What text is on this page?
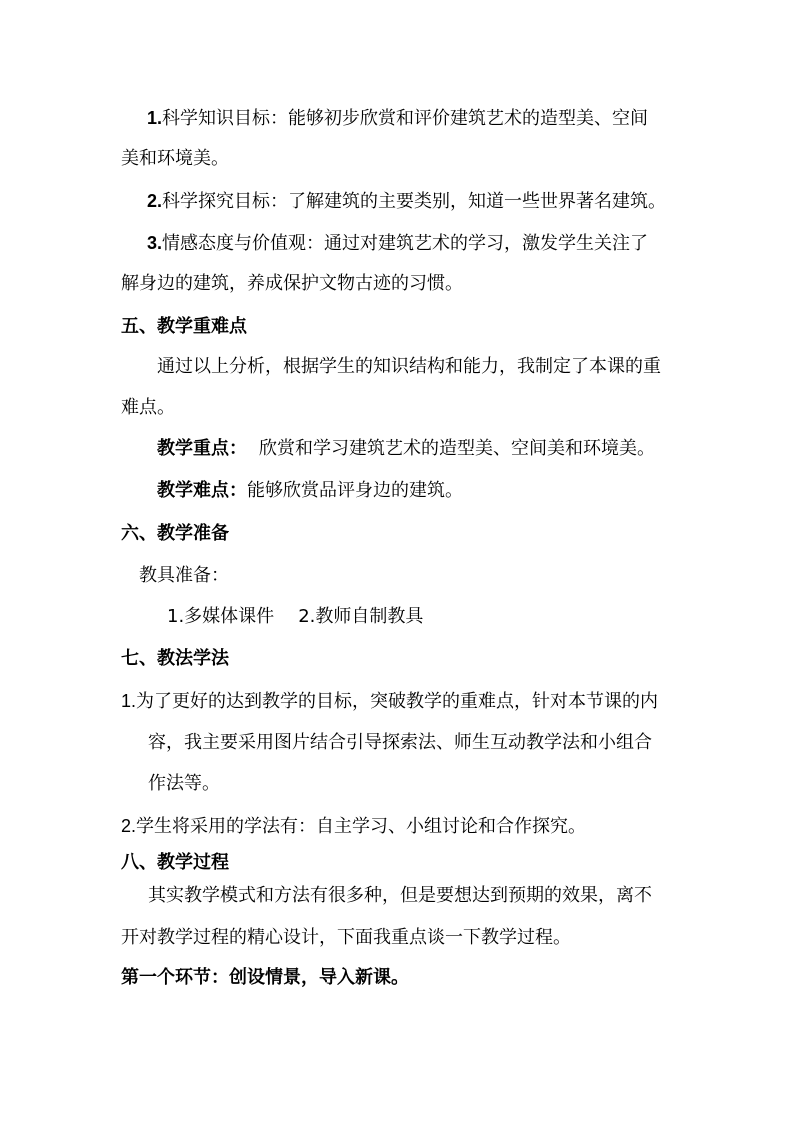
1.科学知识目标：能够初步欣赏和评价建筑艺术的造型美、空间
美和环境美。
2.科学探究目标：了解建筑的主要类别，知道一些世界著名建筑。
3.情感态度与价值观：通过对建筑艺术的学习，激发学生关注了
解身边的建筑，养成保护文物古迹的习惯。
五、教学重难点
通过以上分析，根据学生的知识结构和能力，我制定了本课的重
难点。
教学重点： 欣赏和学习建筑艺术的造型美、空间美和环境美。
教学难点：能够欣赏品评身边的建筑。
六、教学准备
教具准备：
1.多媒体课件 2.教师自制教具
七、教法学法
1.为了更好的达到教学的目标，突破教学的重难点，针对本节课的内
容，我主要采用图片结合引导探索法、师生互动教学法和小组合
作法等。
2.学生将采用的学法有：自主学习、小组讨论和合作探究。
八、教学过程
其实教学模式和方法有很多种，但是要想达到预期的效果，离不
开对教学过程的精心设计，下面我重点谈一下教学过程。
第一个环节：创设情景，导入新课。
